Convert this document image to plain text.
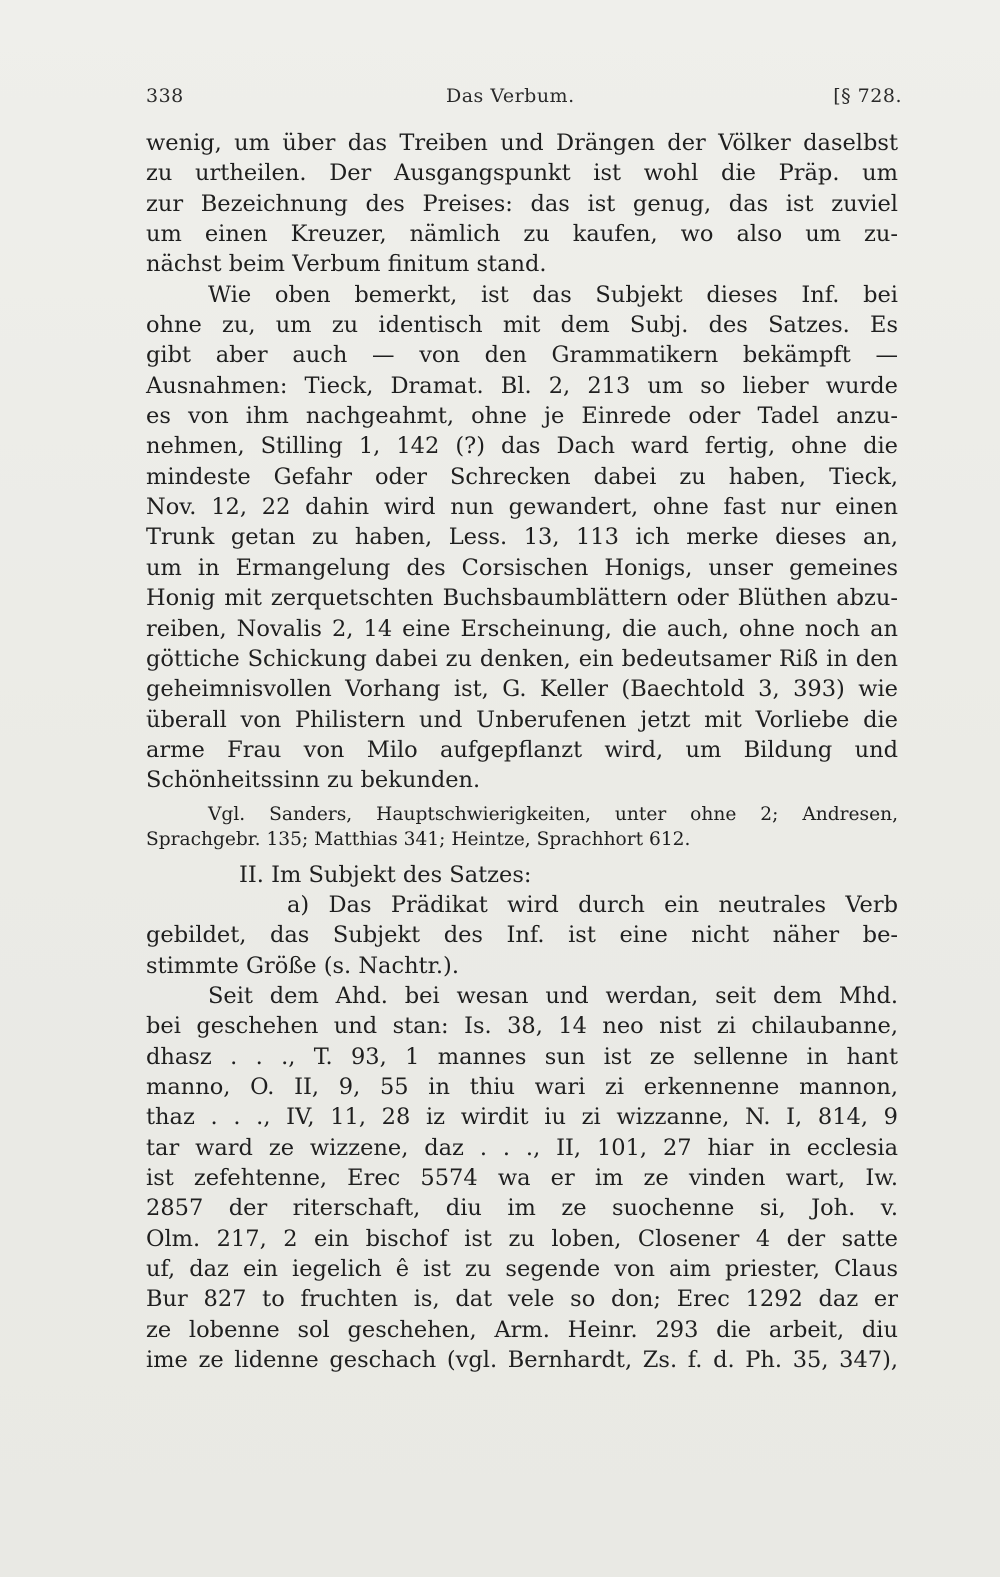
338	Das Verbum.	[§ 728.
wenig, um über das Treiben und Drängen der Völker daselbst
zu urtheilen. Der Ausgangspunkt ist wohl die Präp. um
zur Bezeichnung des Preises: das ist genug, das ist zuviel
um einen Kreuzer, nämlich zu kaufen, wo also um zu-
nächst beim Verbum finitum stand.
Wie oben bemerkt, ist das Subjekt dieses Inf. bei
ohne zu, um zu identisch mit dem Subj. des Satzes. Es
gibt aber auch — von den Grammatikern bekämpft —
Ausnahmen: Tieck, Dramat. Bl. 2, 213 um so lieber wurde
es von ihm nachgeahmt, ohne je Einrede oder Tadel anzu-
nehmen, Stilling 1, 142 (?) das Dach ward fertig, ohne die
mindeste Gefahr oder Schrecken dabei zu haben, Tieck,
Nov. 12, 22 dahin wird nun gewandert, ohne fast nur einen
Trunk getan zu haben, Less. 13, 113 ich merke dieses an,
um in Ermangelung des Corsischen Honigs, unser gemeines
Honig mit zerquetschten Buchsbaumblättern oder Blüthen abzu-
reiben, Novalis 2, 14 eine Erscheinung, die auch, ohne noch an
göttiche Schickung dabei zu denken, ein bedeutsamer Riß in den
geheimnisvollen Vorhang ist, G. Keller (Baechtold 3, 393) wie
überall von Philistern und Unberufenen jetzt mit Vorliebe die
arme Frau von Milo aufgepflanzt wird, um Bildung und
Schönheitssinn zu bekunden.
Vgl. Sanders, Hauptschwierigkeiten, unter ohne 2; Andresen,
Sprachgebr. 135; Matthias 341; Heintze, Sprachhort 612.
II. Im Subjekt des Satzes:
a) Das Prädikat wird durch ein neutrales Verb
gebildet, das Subjekt des Inf. ist eine nicht näher be-
stimmte Größe (s. Nachtr.).
Seit dem Ahd. bei wesan und werdan, seit dem Mhd.
bei geschehen und stan: Is. 38, 14 neo nist zi chilaubanne,
dhasz . . ., T. 93, 1 mannes sun ist ze sellenne in hant
manno, O. II, 9, 55 in thiu wari zi erkennenne mannon,
thaz . . ., IV, 11, 28 iz wirdit iu zi wizzanne, N. I, 814, 9
tar ward ze wizzene, daz . . ., II, 101, 27 hiar in ecclesia
ist zefehtenne, Erec 5574 wa er im ze vinden wart, Iw.
2857 der riterschaft, diu im ze suochenne si, Joh. v.
Olm. 217, 2 ein bischof ist zu loben, Closener 4 der satte
uf, daz ein iegelich ê ist zu segende von aim priester, Claus
Bur 827 to fruchten is, dat vele so don; Erec 1292 daz er
ze lobenne sol geschehen, Arm. Heinr. 293 die arbeit, diu
ime ze lidenne geschach (vgl. Bernhardt, Zs. f. d. Ph. 35, 347),
